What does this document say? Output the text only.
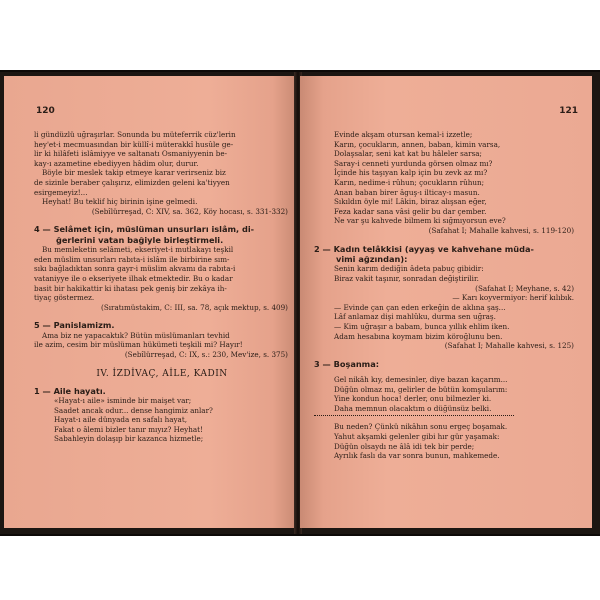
120
li gündüzlü uğraşırlar. Sonunda bu müteferrik cüz'lerin
hey'et-i mecmuasından bir küllî-i müterakkî husûle ge-
lir ki hilâfeti islâmiyye ve saltanatı Osmaniyyenin be-
kay-ı azametine ebediyyen hâdim olur, durur.
Böyle bir meslek takip etmeye karar verirseniz biz
de sizinle beraber çalışırız, elimizden geleni ka'tiyyen
esirgemeyiz!...
Heyhat! Bu teklif hiç birinin işine gelmedi.
(Sebîlürreşad, C: XIV, sa. 362, Köy hocası, s. 331-332)
4 — Selâmet için, müslüman unsurları islâm, di-
ğerlerini vatan bağiyle birleştirmeli.
Bu memleketin selâmeti, ekseriyet-i mutlakayı teşkil
eden müslim unsurları rabıta-i islâm ile birbirine sım-
sıkı bağladıktan sonra gayr-i müslim akvamı da rabıta-i
vataniyye ile o ekseriyete ilhak etmektedir. Bu o kadar
basit bir hakikattir ki ihatası pek geniş bir zekâya ih-
tiyaç göstermez.
(Sıratımüstakim, C: III, sa. 78, açık mektup, s. 409)
5 — Panislamizm.
Ama biz ne yapacaktık? Bütün müslümanları tevhid
ile azim, cesim bir müslüman hükümeti teşkili mi? Hayır!
(Sebîlürreşad, C: IX, s.: 230, Mev'ize, s. 375)
IV. İZDİVAÇ, AİLE, KADIN
1 — Aile hayatı.
«Hayat-ı aile» isminde bir maişet var;
Saadet ancak odur... dense hangimiz anlar?
Hayat-ı aile dünyada en safalı hayat,
Fakat o âlemi bizler tanır mıyız? Heyhat!
Sabahleyin dolaşıp bir kazanca hizmetle;
121
Evinde akşam otursan kemal-i izzetle;
Karın, çocukların, annen, baban, kimin varsa,
Dolaşsalar, seni kat kat bu hâleler sarsa;
Saray-i cenneti yurdunda görsen olmaz mı?
İçinde his taşıyan kalp için bu zevk az mı?
Karın, nedime-i rûhun; çocukların rûhun;
Anan baban birer âguş-ı ilticay-ı masun.
Sıkıldın öyle mi! Lâkin, biraz alışsan eğer,
Feza kadar sana vâsi gelir bu dar çember.
Ne var şu kahvede bilmem ki sığmıyorsun eve?
(Safahat I; Mahalle kahvesi, s. 119-120)
2 — Kadın telâkkisi (ayyaş ve kahvehane müda-
vimi ağzından):
Senin karım dediğin âdeta pabuç gibidir:
Biraz vakit taşınır, sonradan değiştirilir.
(Safahat I; Meyhane, s. 42)
— Karı koyvermiyor: herif kılıbık.
— Evinde çan çan eden erkeğin de aklına şaş...
Lâf anlamaz dişi mahlûku, durma sen uğraş.
— Kim uğraşır a babam, bunca yıllık ehlim iken.
Adam hesabına koymam bizim köroğlunu ben.
(Safahat I; Mahalle kahvesi, s. 125)
3 — Boşanma:
Gel nikâh kıy, demesinler, diye bazan kaçarım...
Düğün olmaz mı, gelirler de bütün komşularım:
Yine kondun hoca! derler, onu bilmezler ki.
Daha memnun olacaktım o düğünsüz belki.
Bu neden? Çünkü nikâhın sonu ergeç boşamak.
Yahut akşamki gelenler gibi hır gür yaşamak:
Düğün olsaydı ne âlâ idi tek bir perde;
Ayrılık faslı da var sonra bunun, mahkemede.
